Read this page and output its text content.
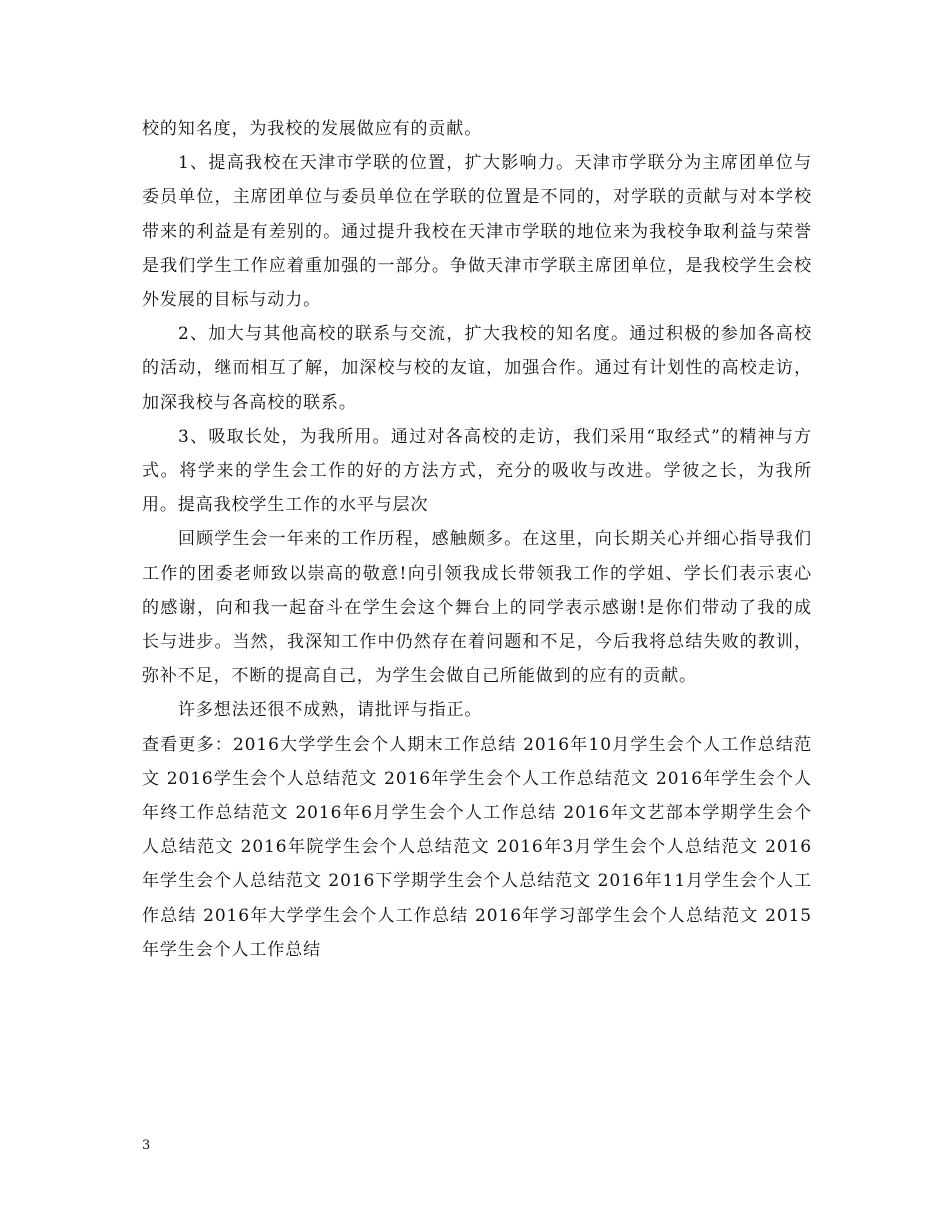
校的知名度，为我校的发展做应有的贡献。

1、提高我校在天津市学联的位置，扩大影响力。天津市学联分为主席团单位与委员单位，主席团单位与委员单位在学联的位置是不同的，对学联的贡献与对本学校带来的利益是有差别的。通过提升我校在天津市学联的地位来为我校争取利益与荣誉是我们学生工作应着重加强的一部分。争做天津市学联主席团单位，是我校学生会校外发展的目标与动力。

2、加大与其他高校的联系与交流，扩大我校的知名度。通过积极的参加各高校的活动，继而相互了解，加深校与校的友谊，加强合作。通过有计划性的高校走访，加深我校与各高校的联系。

3、吸取长处，为我所用。通过对各高校的走访，我们采用“取经式”的精神与方式。将学来的学生会工作的好的方法方式，充分的吸收与改进。学彼之长，为我所用。提高我校学生工作的水平与层次

回顾学生会一年来的工作历程，感触颇多。在这里，向长期关心并细心指导我们工作的团委老师致以崇高的敬意!向引领我成长带领我工作的学姐、学长们表示衷心的感谢，向和我一起奋斗在学生会这个舞台上的同学表示感谢!是你们带动了我的成长与进步。当然，我深知工作中仍然存在着问题和不足，今后我将总结失败的教训，弥补不足，不断的提高自己，为学生会做自己所能做到的应有的贡献。

许多想法还很不成熟，请批评与指正。

查看更多：2016大学学生会个人期末工作总结 2016年10月学生会个人工作总结范文 2016学生会个人总结范文 2016年学生会个人工作总结范文 2016年学生会个人年终工作总结范文 2016年6月学生会个人工作总结 2016年文艺部本学期学生会个人总结范文 2016年院学生会个人总结范文 2016年3月学生会个人总结范文 2016年学生会个人总结范文 2016下学期学生会个人总结范文 2016年11月学生会个人工作总结 2016年大学学生会个人工作总结 2016年学习部学生会个人总结范文 2015年学生会个人工作总结

3
